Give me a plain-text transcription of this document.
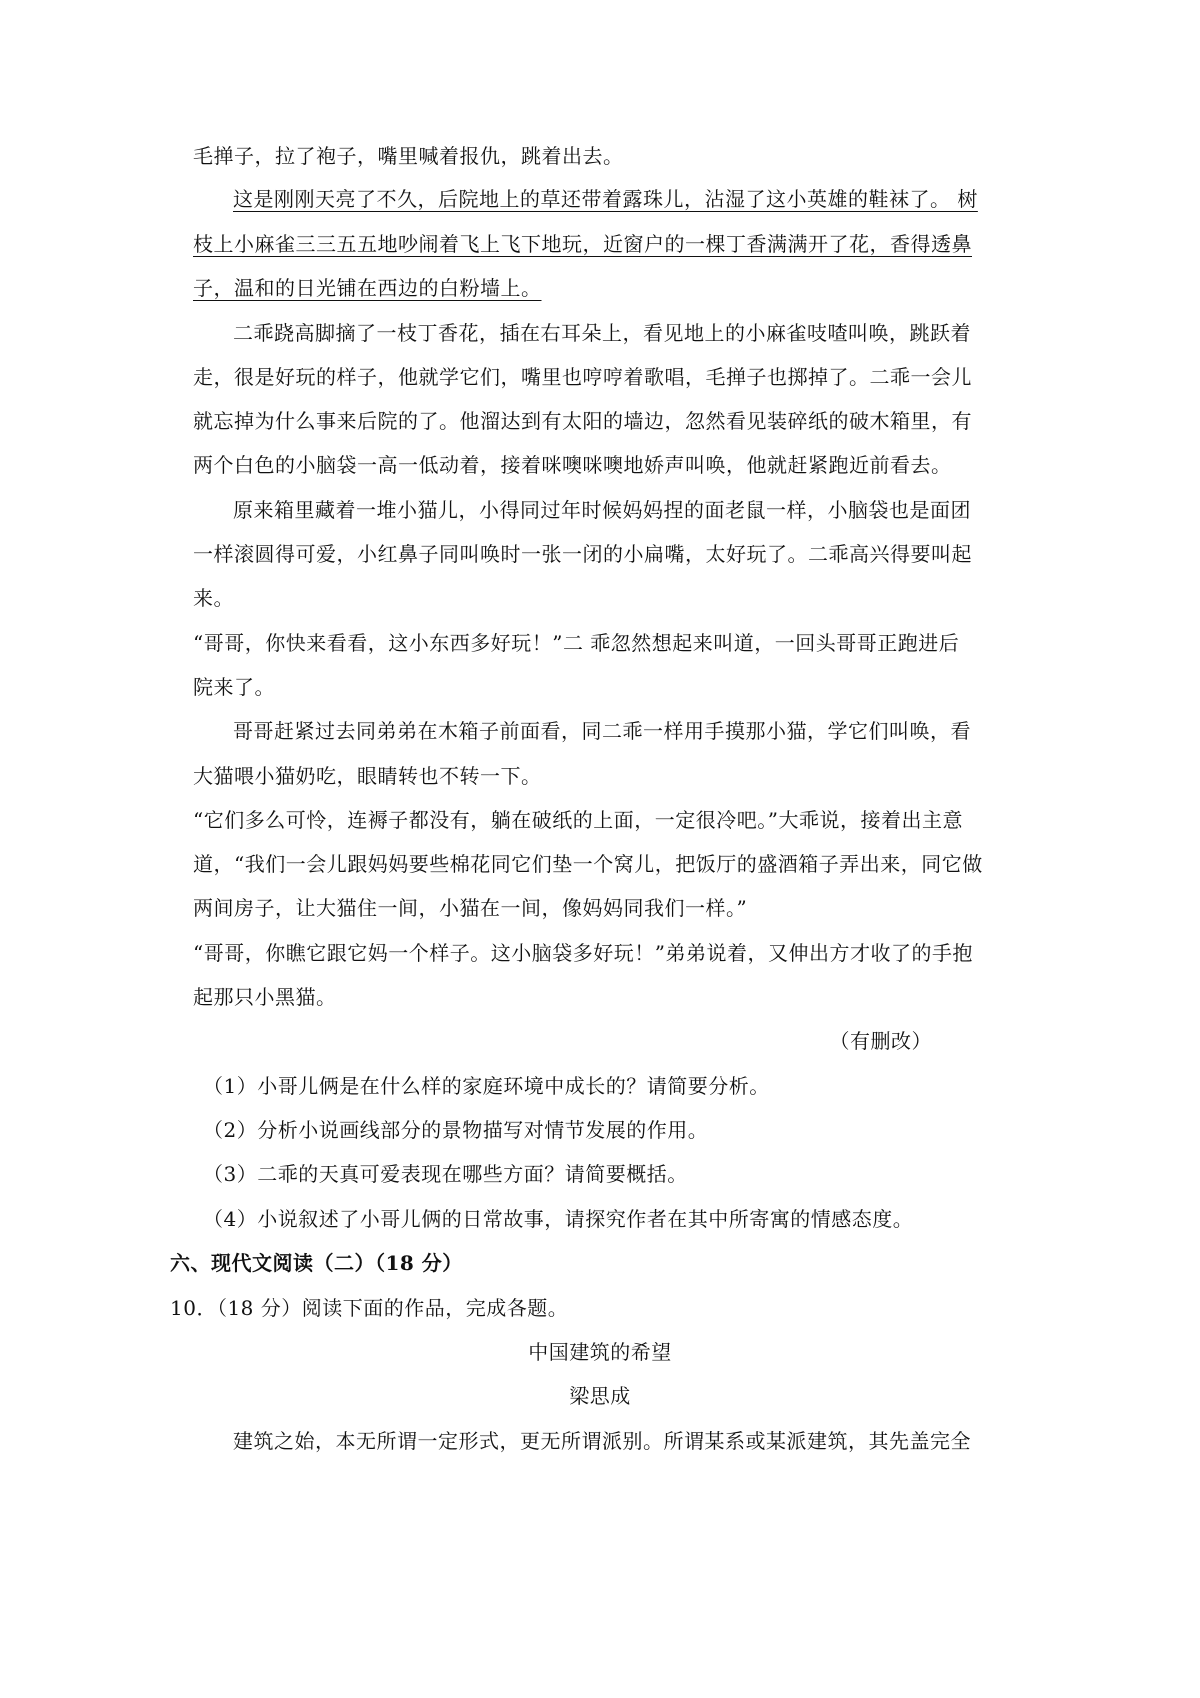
毛掸子，拉了袍子，嘴里喊着报仇，跳着出去。
这是刚刚天亮了不久，后院地上的草还带着露珠儿，沾湿了这小英雄的鞋袜了。 树
枝上小麻雀三三五五地吵闹着飞上飞下地玩，近窗户的一棵丁香满满开了花，香得透鼻
子，温和的日光铺在西边的白粉墙上。
二乖跷高脚摘了一枝丁香花，插在右耳朵上，看见地上的小麻雀吱喳叫唤，跳跃着
走，很是好玩的样子，他就学它们，嘴里也哼哼着歌唱，毛掸子也掷掉了。二乖一会儿
就忘掉为什么事来后院的了。他溜达到有太阳的墙边，忽然看见装碎纸的破木箱里，有
两个白色的小脑袋一高一低动着，接着咪噢咪噢地娇声叫唤，他就赶紧跑近前看去。
原来箱里藏着一堆小猫儿，小得同过年时候妈妈捏的面老鼠一样，小脑袋也是面团
一样滚圆得可爱，小红鼻子同叫唤时一张一闭的小扁嘴，太好玩了。二乖高兴得要叫起
来。
“哥哥，你快来看看，这小东西多好玩！”二 乖忽然想起来叫道，一回头哥哥正跑进后
院来了。
哥哥赶紧过去同弟弟在木箱子前面看，同二乖一样用手摸那小猫，学它们叫唤，看
大猫喂小猫奶吃，眼睛转也不转一下。
“它们多么可怜，连褥子都没有，躺在破纸的上面，一定很冷吧。”大乖说，接着出主意
道，“我们一会儿跟妈妈要些棉花同它们垫一个窝儿，把饭厅的盛酒箱子弄出来，同它做
两间房子，让大猫住一间，小猫在一间，像妈妈同我们一样。”
“哥哥，你瞧它跟它妈一个样子。这小脑袋多好玩！”弟弟说着，又伸出方才收了的手抱
起那只小黑猫。
（有删改）
（1）小哥儿俩是在什么样的家庭环境中成长的？请简要分析。
（2）分析小说画线部分的景物描写对情节发展的作用。
（3）二乖的天真可爱表现在哪些方面？请简要概括。
（4）小说叙述了小哥儿俩的日常故事，请探究作者在其中所寄寓的情感态度。
六、现代文阅读（二）（18 分）
10．（18 分）阅读下面的作品，完成各题。
中国建筑的希望
梁思成
建筑之始，本无所谓一定形式，更无所谓派别。所谓某系或某派建筑，其先盖完全
